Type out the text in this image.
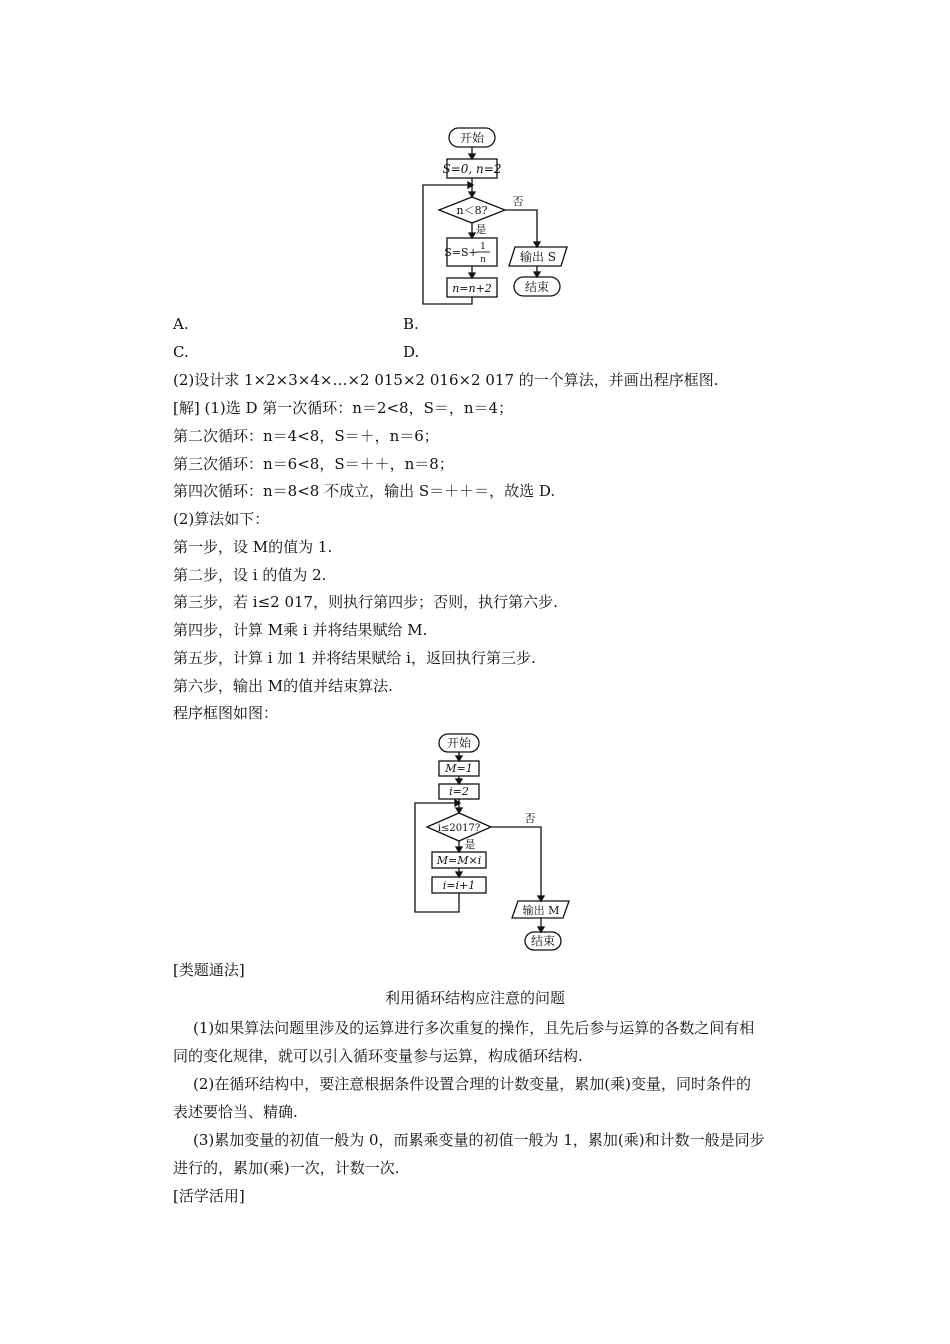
开始
S=0, n=2
n＜8?
是
否
S=S+ 1
n
n=n+2
输出 S
结束
A.	B.
C.	D.
(2)设计求 1×2×3×4×…×2 015×2 016×2 017 的一个算法，并画出程序框图.
[解] (1)选 D 第一次循环：n＝2<8，S＝，n＝4；
第二次循环：n＝4<8，S＝＋，n＝6；
第三次循环：n＝6<8，S＝＋＋，n＝8；
第四次循环：n＝8<8 不成立，输出 S＝＋＋＝，故选 D.
(2)算法如下：
第一步，设 M的值为 1.
第二步，设 i 的值为 2.
第三步，若 i≤2 017，则执行第四步；否则，执行第六步.
第四步，计算 M乘 i 并将结果赋给 M.
第五步，计算 i 加 1 并将结果赋给 i，返回执行第三步.
第六步，输出 M的值并结束算法.
程序框图如图：
开始
M=1
i=2
i≤2017?
是
否
M=M×i
i=i+1
输出 M
结束
[类题通法]
利用循环结构应注意的问题
(1)如果算法问题里涉及的运算进行多次重复的操作，且先后参与运算的各数之间有相
同的变化规律，就可以引入循环变量参与运算，构成循环结构.
(2)在循环结构中，要注意根据条件设置合理的计数变量，累加(乘)变量，同时条件的
表述要恰当、精确.
(3)累加变量的初值一般为 0，而累乘变量的初值一般为 1，累加(乘)和计数一般是同步
进行的，累加(乘)一次，计数一次.
[活学活用]
